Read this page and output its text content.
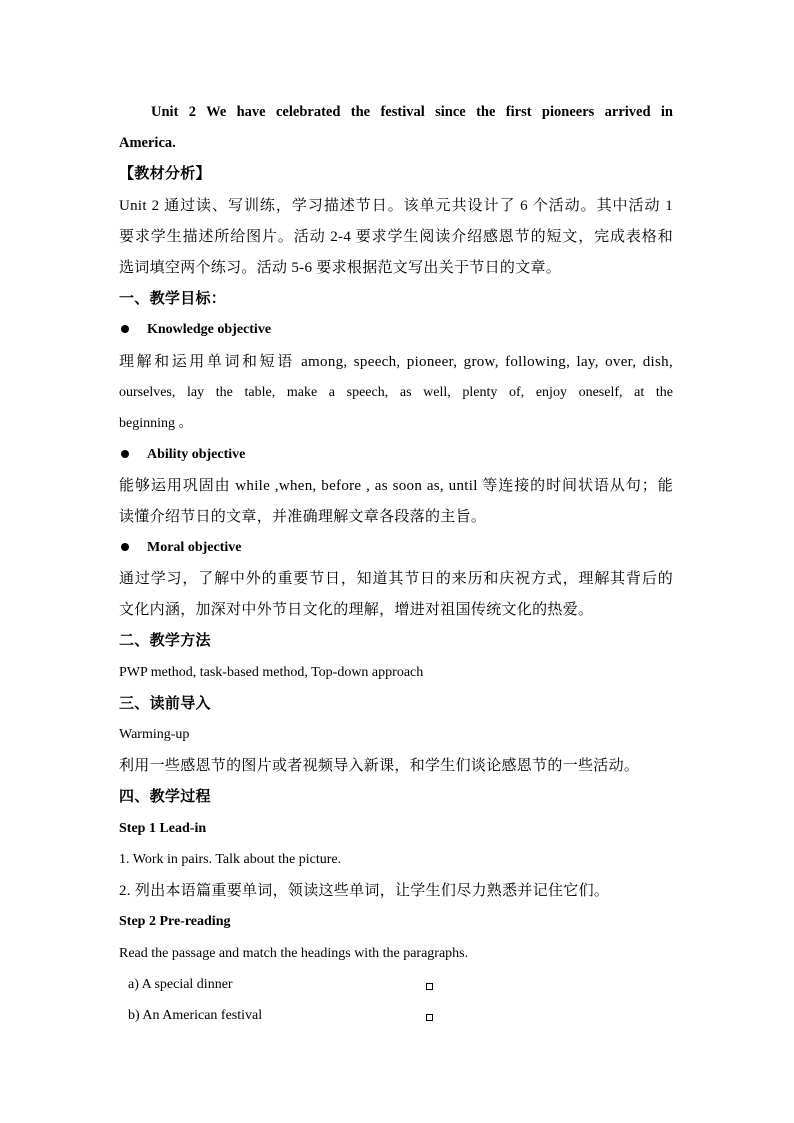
Unit 2 We have celebrated the festival since the first pioneers arrived in
America.
【教材分析】
Unit 2 通过读、写训练，学习描述节日。该单元共设计了 6 个活动。其中活动 1
要求学生描述所给图片。活动 2-4 要求学生阅读介绍感恩节的短文，完成表格和
选词填空两个练习。活动 5-6 要求根据范文写出关于节日的文章。
一、教学目标：
Knowledge objective
理解和运用单词和短语 among, speech, pioneer, grow, following, lay, over, dish,
ourselves, lay the table, make a speech, as well, plenty of, enjoy oneself, at the
beginning 。
Ability objective
能够运用巩固由 while ,when, before , as soon as, until 等连接的时间状语从句；能
读懂介绍节日的文章，并准确理解文章各段落的主旨。
Moral objective
通过学习，了解中外的重要节日，知道其节日的来历和庆祝方式，理解其背后的
文化内涵，加深对中外节日文化的理解，增进对祖国传统文化的热爱。
二、教学方法
PWP method, task-based method, Top-down approach
三、读前导入
Warming-up
利用一些感恩节的图片或者视频导入新课，和学生们谈论感恩节的一些活动。
四、教学过程
Step 1 Lead-in
1. Work in pairs. Talk about the picture.
2. 列出本语篇重要单词，领读这些单词，让学生们尽力熟悉并记住它们。
Step 2 Pre-reading
Read the passage and match the headings with the paragraphs.
a) A special dinner
b) An American festival
